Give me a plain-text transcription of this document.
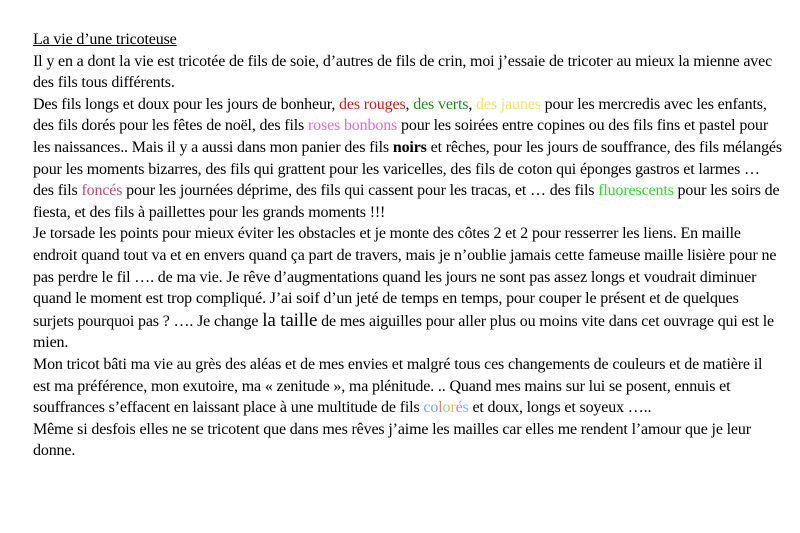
La vie d’une tricoteuse

Il y en a dont la vie est tricotée de fils de soie, d’autres de fils de crin, moi j’essaie de tricoter au mieux la mienne avec des fils tous différents.

Des fils longs et doux pour les jours de bonheur, des rouges, des verts, des jaunes pour les mercredis avec les enfants, des fils dorés pour les fêtes de noël, des fils roses bonbons pour les soirées entre copines ou des fils fins et pastel pour les naissances.. Mais il y a aussi dans mon panier des fils noirs et rêches, pour les jours de souffrance, des fils mélangés pour les moments bizarres, des fils qui grattent pour les varicelles, des fils de coton qui éponges gastros et larmes … des fils foncés pour les journées déprime, des fils qui cassent pour les tracas, et … des fils fluorescents pour les soirs de fiesta, et des fils à paillettes pour les grands moments !!!

Je torsade les points pour mieux éviter les obstacles et je monte des côtes 2 et 2 pour resserrer les liens. En maille endroit quand tout va et en envers quand ça part de travers, mais je n’oublie jamais cette fameuse maille lisière pour ne pas perdre le fil …. de ma vie. Je rêve d’augmentations quand les jours ne sont pas assez longs et voudrait diminuer quand le moment est trop compliqué. J’ai soif d’un jeté de temps en temps, pour couper le présent et de quelques surjets pourquoi pas ? …. Je change la taille de mes aiguilles pour aller plus ou moins vite dans cet ouvrage qui est le mien.

Mon tricot bâti ma vie au grès des aléas et de mes envies et malgré tous ces changements de couleurs et de matière il est ma préférence, mon exutoire, ma « zenitude », ma plénitude. .. Quand mes mains sur lui se posent, ennuis et souffrances s’effacent en laissant place à une multitude de fils colorés et doux, longs et soyeux …..

Même si desfois elles ne se tricotent que dans mes rêves j’aime les mailles car elles me rendent l’amour que je leur donne.
